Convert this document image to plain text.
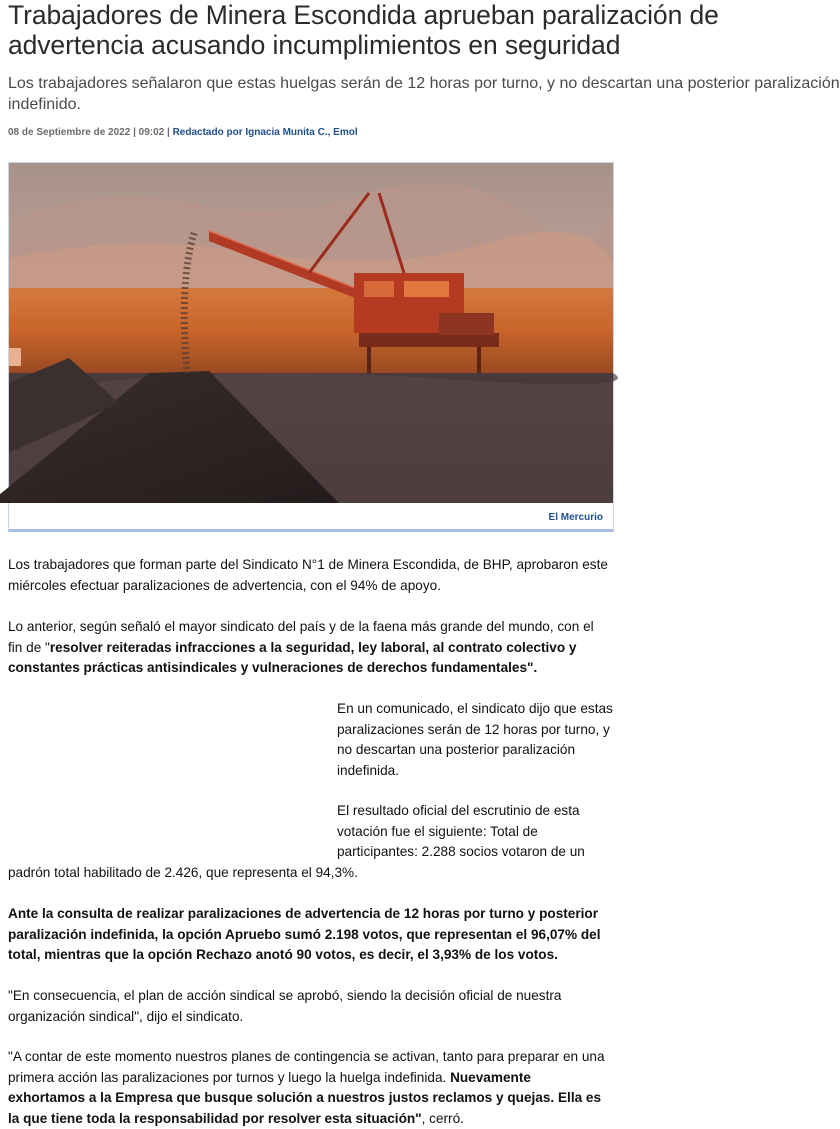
Trabajadores de Minera Escondida aprueban paralización de
advertencia acusando incumplimientos en seguridad

Los trabajadores señalaron que estas huelgas serán de 12 horas por turno, y no descartan una posterior paralización
indefinido.

08 de Septiembre de 2022 | 09:02 | Redactado por Ignacia Munita C., Emol
El Mercurio

Los trabajadores que forman parte del Sindicato N°1 de Minera Escondida, de BHP, aprobaron este
miércoles efectuar paralizaciones de advertencia, con el 94% de apoyo.

Lo anterior, según señaló el mayor sindicato del país y de la faena más grande del mundo, con el
fin de "resolver reiteradas infracciones a la seguridad, ley laboral, al contrato colectivo y
constantes prácticas antisindicales y vulneraciones de derechos fundamentales".

En un comunicado, el sindicato dijo que estas
paralizaciones serán de 12 horas por turno, y
no descartan una posterior paralización
indefinida.

El resultado oficial del escrutinio de esta
votación fue el siguiente: Total de
participantes: 2.288 socios votaron de un

padrón total habilitado de 2.426, que representa el 94,3%.

Ante la consulta de realizar paralizaciones de advertencia de 12 horas por turno y posterior
paralización indefinida, la opción Apruebo sumó 2.198 votos, que representan el 96,07% del
total, mientras que la opción Rechazo anotó 90 votos, es decir, el 3,93% de los votos.

"En consecuencia, el plan de acción sindical se aprobó, siendo la decisión oficial de nuestra
organización sindical", dijo el sindicato.

"A contar de este momento nuestros planes de contingencia se activan, tanto para preparar en una
primera acción las paralizaciones por turnos y luego la huelga indefinida. Nuevamente
exhortamos a la Empresa que busque solución a nuestros justos reclamos y quejas. Ella es
la que tiene toda la responsabilidad por resolver esta situación", cerró.
